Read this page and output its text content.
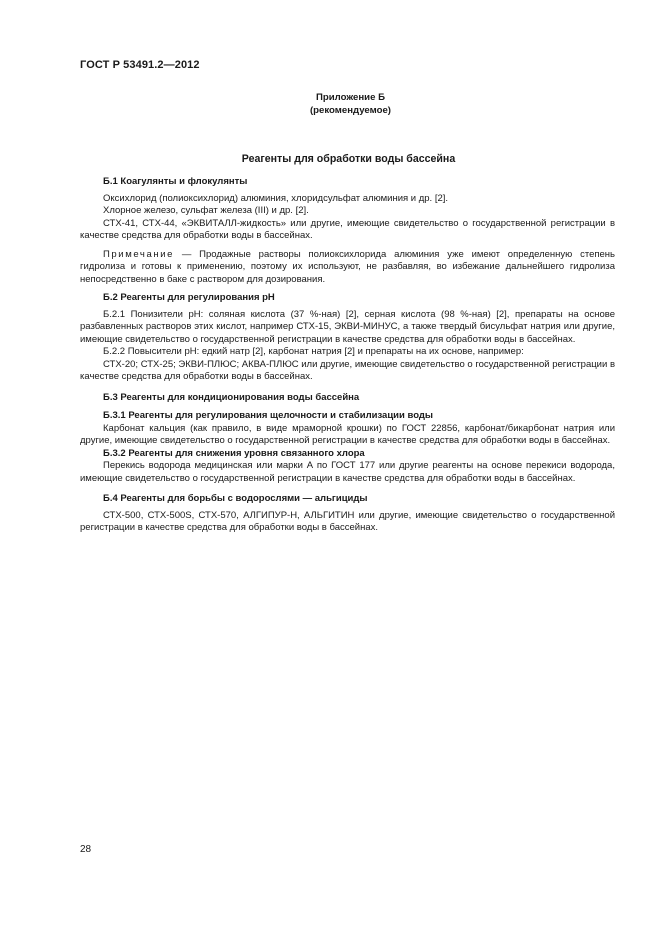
ГОСТ Р 53491.2—2012
Приложение Б
(рекомендуемое)
Реагенты для обработки воды бассейна

Б.1 Коагулянты и флокулянты

Оксихлорид (полиоксихлорид) алюминия, хлоридсульфат алюминия и др. [2].

Хлорное железо, сульфат железа (III) и др. [2].

СТХ-41, СТХ-44, «ЭКВИТАЛЛ-жидкость» или другие, имеющие свидетельство о государственной регистрации в качестве средства для обработки воды в бассейнах.

Примечание — Продажные растворы полиоксихлорида алюминия уже имеют определенную степень гидролиза и готовы к применению, поэтому их используют, не разбавляя, во избежание дальнейшего гидролиза непосредственно в баке с раствором для дозирования.

Б.2 Реагенты для регулирования рН

Б.2.1 Понизители рН: соляная кислота (37 %-ная) [2], серная кислота (98 %-ная) [2], препараты на основе разбавленных растворов этих кислот, например СТХ-15, ЭКВИ-МИНУС, а также твердый бисульфат натрия или другие, имеющие свидетельство о государственной регистрации в качестве средства для обработки воды в бассейнах.

Б.2.2 Повысители рН: едкий натр [2], карбонат натрия [2] и препараты на их основе, например:

СТХ-20; СТХ-25; ЭКВИ-ПЛЮС; АКВА-ПЛЮС или другие, имеющие свидетельство о государственной регистрации в качестве средства для обработки воды в бассейнах.

Б.3 Реагенты для кондиционирования воды бассейна

Б.3.1 Реагенты для регулирования щелочности и стабилизации воды

Карбонат кальция (как правило, в виде мраморной крошки) по ГОСТ 22856, карбонат/бикарбонат натрия или другие, имеющие свидетельство о государственной регистрации в качестве средства для обработки воды в бассейнах.

Б.3.2 Реагенты для снижения уровня связанного хлора

Перекись водорода медицинская или марки А по ГОСТ 177 или другие реагенты на основе перекиси водорода, имеющие свидетельство о государственной регистрации в качестве средства для обработки воды в бассейнах.

Б.4 Реагенты для борьбы с водорослями — альгициды

СТХ-500, СТХ-500S, СТХ-570, АЛГИПУР-Н, АЛЬГИТИН или другие, имеющие свидетельство о государственной регистрации в качестве средства для обработки воды в бассейнах.

28
